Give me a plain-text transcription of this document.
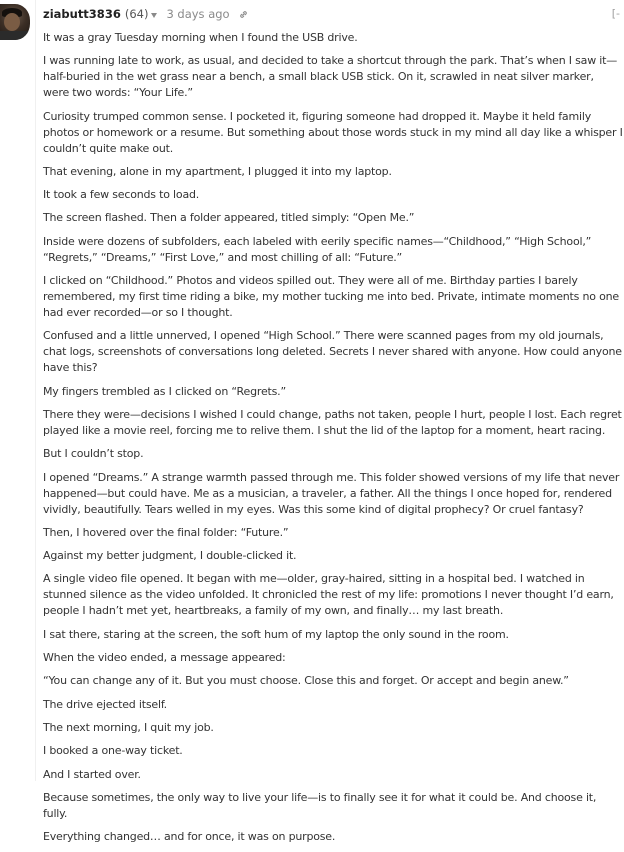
ziabutt3836 (64) 3 days ago	[-

It was a gray Tuesday morning when I found the USB drive.

I was running late to work, as usual, and decided to take a shortcut through the park. That’s when I saw it—half-buried in the wet grass near a bench, a small black USB stick. On it, scrawled in neat silver marker, were two words: “Your Life.”

Curiosity trumped common sense. I pocketed it, figuring someone had dropped it. Maybe it held family photos or homework or a resume. But something about those words stuck in my mind all day like a whisper I couldn’t quite make out.

That evening, alone in my apartment, I plugged it into my laptop.

It took a few seconds to load.

The screen flashed. Then a folder appeared, titled simply: “Open Me.”

Inside were dozens of subfolders, each labeled with eerily specific names—“Childhood,” “High School,” “Regrets,” “Dreams,” “First Love,” and most chilling of all: “Future.”

I clicked on “Childhood.” Photos and videos spilled out. They were all of me. Birthday parties I barely remembered, my first time riding a bike, my mother tucking me into bed. Private, intimate moments no one had ever recorded—or so I thought.

Confused and a little unnerved, I opened “High School.” There were scanned pages from my old journals, chat logs, screenshots of conversations long deleted. Secrets I never shared with anyone. How could anyone have this?

My fingers trembled as I clicked on “Regrets.”

There they were—decisions I wished I could change, paths not taken, people I hurt, people I lost. Each regret played like a movie reel, forcing me to relive them. I shut the lid of the laptop for a moment, heart racing.

But I couldn’t stop.

I opened “Dreams.” A strange warmth passed through me. This folder showed versions of my life that never happened—but could have. Me as a musician, a traveler, a father. All the things I once hoped for, rendered vividly, beautifully. Tears welled in my eyes. Was this some kind of digital prophecy? Or cruel fantasy?

Then, I hovered over the final folder: “Future.”

Against my better judgment, I double-clicked it.

A single video file opened. It began with me—older, gray-haired, sitting in a hospital bed. I watched in stunned silence as the video unfolded. It chronicled the rest of my life: promotions I never thought I’d earn, people I hadn’t met yet, heartbreaks, a family of my own, and finally… my last breath.

I sat there, staring at the screen, the soft hum of my laptop the only sound in the room.

When the video ended, a message appeared:

“You can change any of it. But you must choose. Close this and forget. Or accept and begin anew.”

The drive ejected itself.

The next morning, I quit my job.

I booked a one-way ticket.

And I started over.

Because sometimes, the only way to live your life—is to finally see it for what it could be. And choose it, fully.

Everything changed… and for once, it was on purpose.
